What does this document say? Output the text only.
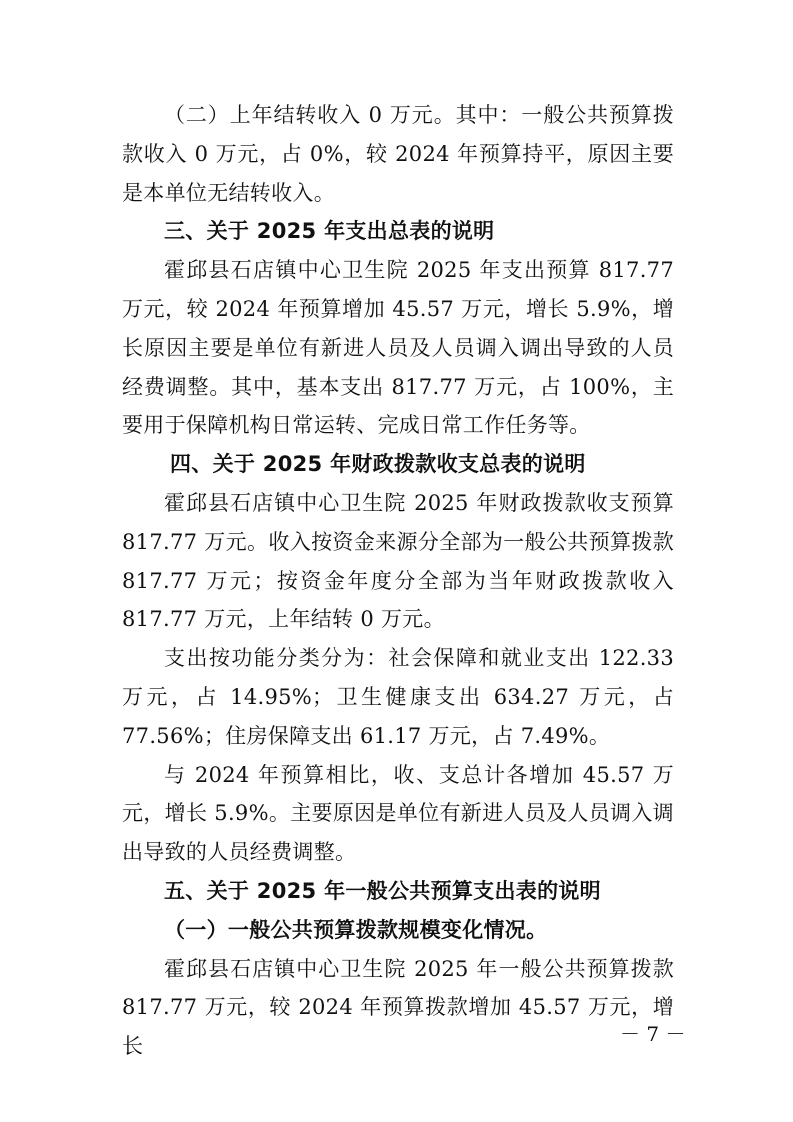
（二）上年结转收入 0 万元。其中：一般公共预算拨款收入 0 万元，占 0%，较 2024 年预算持平，原因主要是本单位无结转收入。

三、关于 2025 年支出总表的说明

霍邱县石店镇中心卫生院 2025 年支出预算 817.77 万元，较 2024 年预算增加 45.57 万元，增长 5.9%，增长原因主要是单位有新进人员及人员调入调出导致的人员经费调整。其中，基本支出 817.77 万元，占 100%，主要用于保障机构日常运转、完成日常工作任务等。

四、关于 2025 年财政拨款收支总表的说明

霍邱县石店镇中心卫生院 2025 年财政拨款收支预算 817.77 万元。收入按资金来源分全部为一般公共预算拨款 817.77 万元；按资金年度分全部为当年财政拨款收入 817.77 万元，上年结转 0 万元。

支出按功能分类分为：社会保障和就业支出 122.33 万元，占 14.95%；卫生健康支出 634.27 万元，占 77.56%；住房保障支出 61.17 万元，占 7.49%。

与 2024 年预算相比，收、支总计各增加 45.57 万元，增长 5.9%。主要原因是单位有新进人员及人员调入调出导致的人员经费调整。

五、关于 2025 年一般公共预算支出表的说明

（一）一般公共预算拨款规模变化情况。

霍邱县石店镇中心卫生院 2025 年一般公共预算拨款 817.77 万元，较 2024 年预算拨款增加 45.57 万元，增长

－ 7 －
